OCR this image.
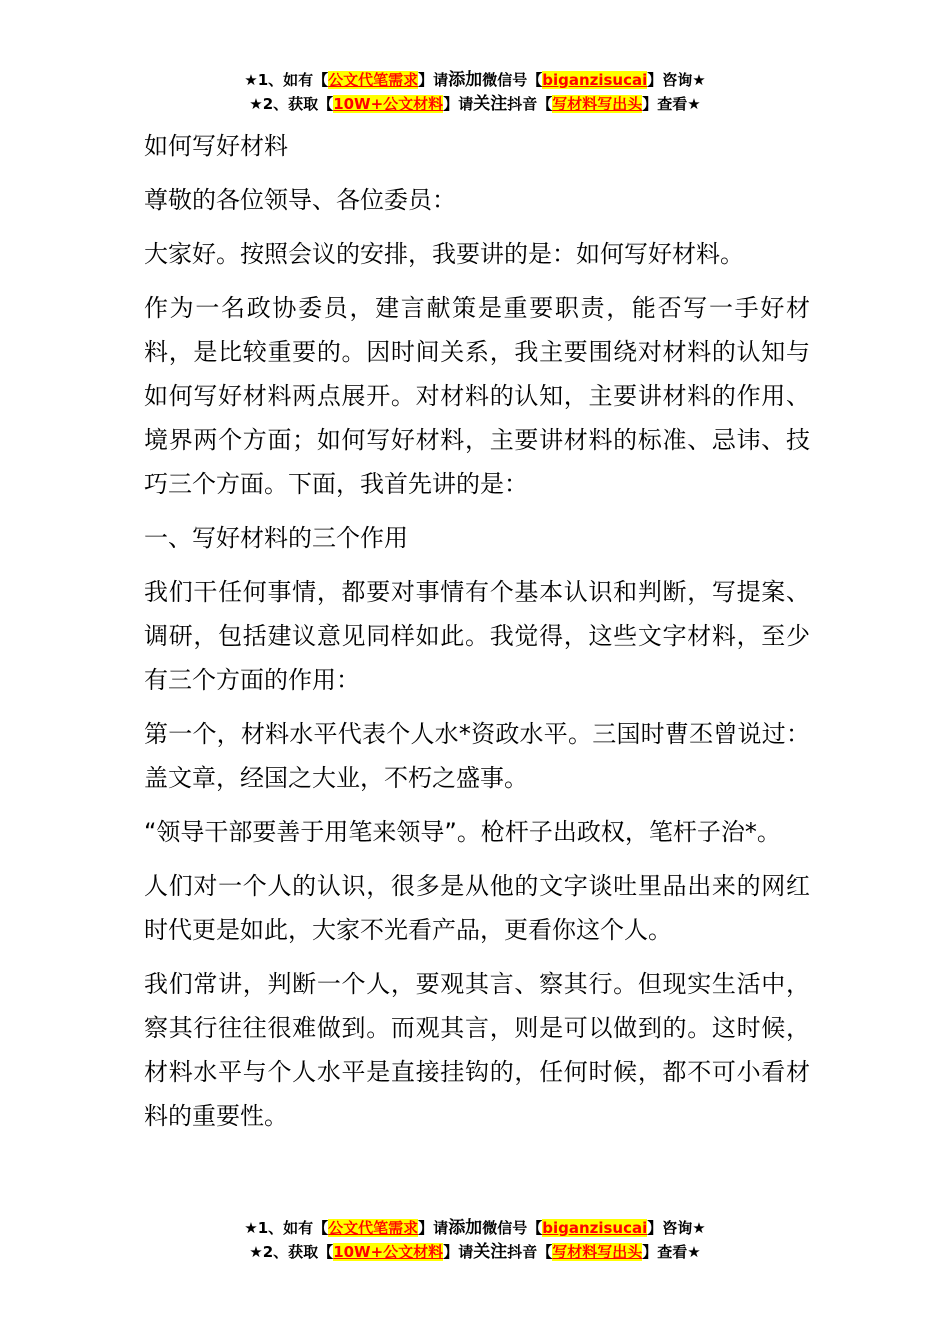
★1、如有【公文代笔需求】请添加微信号【biganzisucai】咨询★
★2、获取【10W+公文材料】请关注抖音【写材料写出头】查看★

如何写好材料

尊敬的各位领导、各位委员：

大家好。按照会议的安排，我要讲的是：如何写好材料。

作为一名政协委员，建言献策是重要职责，能否写一手好材料，是比较重要的。因时间关系，我主要围绕对材料的认知与如何写好材料两点展开。对材料的认知，主要讲材料的作用、境界两个方面；如何写好材料，主要讲材料的标准、忌讳、技巧三个方面。下面，我首先讲的是：

一、写好材料的三个作用

我们干任何事情，都要对事情有个基本认识和判断，写提案、调研，包括建议意见同样如此。我觉得，这些文字材料，至少有三个方面的作用：

第一个，材料水平代表个人水*资政水平。三国时曹丕曾说过：盖文章，经国之大业，不朽之盛事。

“领导干部要善于用笔来领导”。枪杆子出政权，笔杆子治*。

人们对一个人的认识，很多是从他的文字谈吐里品出来的网红时代更是如此，大家不光看产品，更看你这个人。

我们常讲，判断一个人，要观其言、察其行。但现实生活中，察其行往往很难做到。而观其言，则是可以做到的。这时候，材料水平与个人水平是直接挂钩的，任何时候，都不可小看材料的重要性。

★1、如有【公文代笔需求】请添加微信号【biganzisucai】咨询★
★2、获取【10W+公文材料】请关注抖音【写材料写出头】查看★
